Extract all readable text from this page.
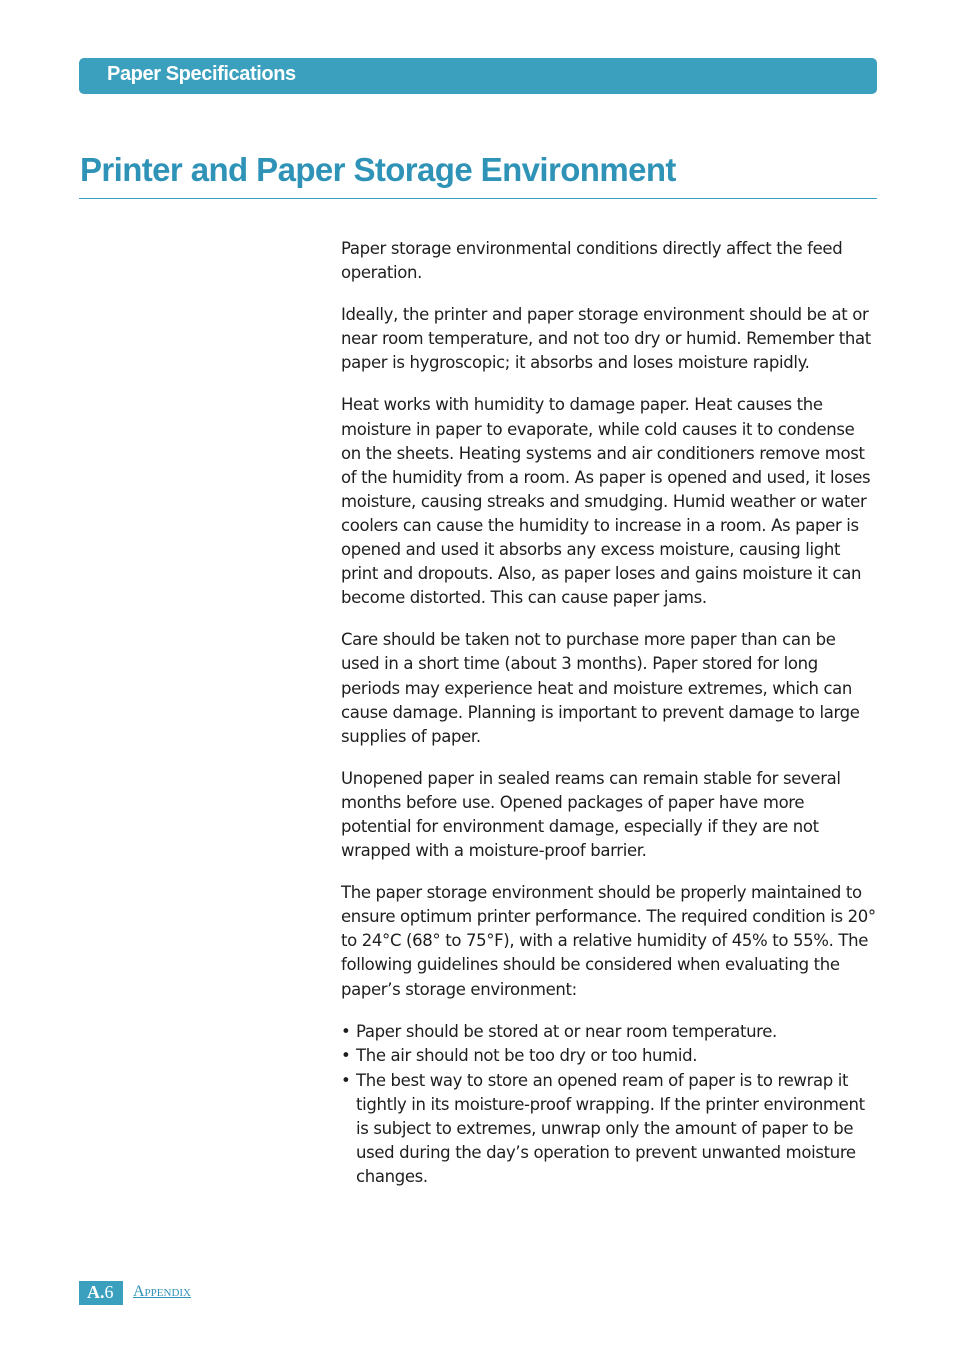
Paper Specifications
Printer and Paper Storage Environment

Paper storage environmental conditions directly affect the feed operation.

Ideally, the printer and paper storage environment should be at or near room temperature, and not too dry or humid. Remember that paper is hygroscopic; it absorbs and loses moisture rapidly.

Heat works with humidity to damage paper. Heat causes the moisture in paper to evaporate, while cold causes it to condense on the sheets. Heating systems and air conditioners remove most of the humidity from a room. As paper is opened and used, it loses moisture, causing streaks and smudging. Humid weather or water coolers can cause the humidity to increase in a room. As paper is opened and used it absorbs any excess moisture, causing light print and dropouts. Also, as paper loses and gains moisture it can become distorted. This can cause paper jams.

Care should be taken not to purchase more paper than can be used in a short time (about 3 months). Paper stored for long periods may experience heat and moisture extremes, which can cause damage. Planning is important to prevent damage to large supplies of paper.

Unopened paper in sealed reams can remain stable for several months before use. Opened packages of paper have more potential for environment damage, especially if they are not wrapped with a moisture-proof barrier.

The paper storage environment should be properly maintained to ensure optimum printer performance. The required condition is 20° to 24°C (68° to 75°F), with a relative humidity of 45% to 55%. The following guidelines should be considered when evaluating the paper’s storage environment:

• Paper should be stored at or near room temperature.
• The air should not be too dry or too humid.
• The best way to store an opened ream of paper is to rewrap it tightly in its moisture-proof wrapping. If the printer environment is subject to extremes, unwrap only the amount of paper to be used during the day’s operation to prevent unwanted moisture changes.
A.6 Appendix
